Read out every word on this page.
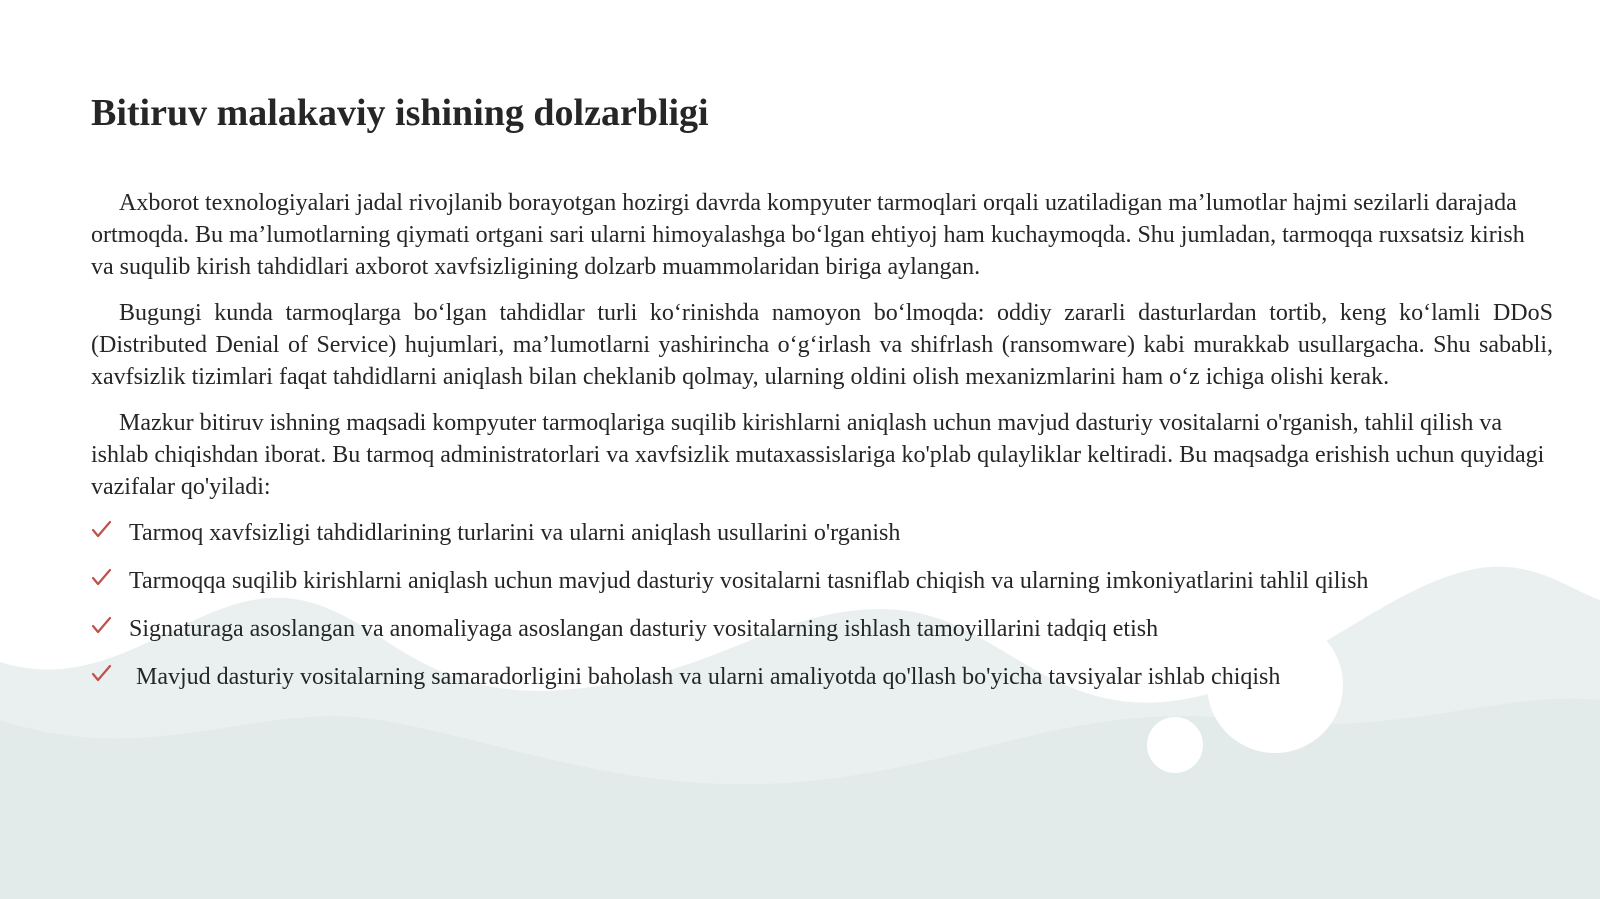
Bitiruv malakaviy ishining dolzarbligi

Axborot texnologiyalari jadal rivojlanib borayotgan hozirgi davrda kompyuter tarmoqlari orqali uzatiladigan ma’lumotlar hajmi sezilarli darajada ortmoqda. Bu ma’lumotlarning qiymati ortgani sari ularni himoyalashga bo‘lgan ehtiyoj ham kuchaymoqda. Shu jumladan, tarmoqqa ruxsatsiz kirish va suqulib kirish tahdidlari axborot xavfsizligining dolzarb muammolaridan biriga aylangan.

Bugungi kunda tarmoqlarga bo‘lgan tahdidlar turli ko‘rinishda namoyon bo‘lmoqda: oddiy zararli dasturlardan tortib, keng ko‘lamli DDoS (Distributed Denial of Service) hujumlari, ma’lumotlarni yashirincha o‘g‘irlash va shifrlash (ransomware) kabi murakkab usullargacha. Shu sababli, xavfsizlik tizimlari faqat tahdidlarni aniqlash bilan cheklanib qolmay, ularning oldini olish mexanizmlarini ham o‘z ichiga olishi kerak.

Mazkur bitiruv ishning maqsadi kompyuter tarmoqlariga suqilib kirishlarni aniqlash uchun mavjud dasturiy vositalarni o'rganish, tahlil qilish va ishlab chiqishdan iborat. Bu tarmoq administratorlari va xavfsizlik mutaxassislariga ko'plab qulayliklar keltiradi. Bu maqsadga erishish uchun quyidagi vazifalar qo'yiladi:

Tarmoq xavfsizligi tahdidlarining turlarini va ularni aniqlash usullarini o'rganish
Tarmoqqa suqilib kirishlarni aniqlash uchun mavjud dasturiy vositalarni tasniflab chiqish va ularning imkoniyatlarini tahlil qilish
Signaturaga asoslangan va anomaliyaga asoslangan dasturiy vositalarning ishlash tamoyillarini tadqiq etish
Mavjud dasturiy vositalarning samaradorligini baholash va ularni amaliyotda qo'llash bo'yicha tavsiyalar ishlab chiqish
